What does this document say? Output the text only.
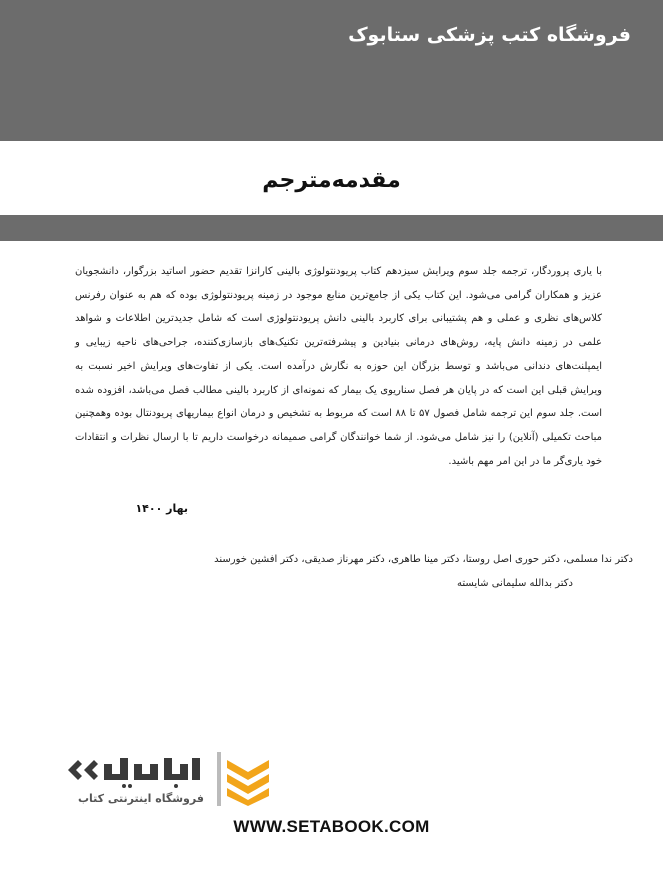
فروشگاه کتب پزشکی ستابوک
مقدمه‌مترجم
با یاری پروردگار، ترجمه جلد سوم ویرایش سیزدهم کتاب پریودنتولوژی بالینی کارانزا تقدیم حضور اساتید بزرگوار، دانشجویان عزیز و همکاران گرامی می‌شود. این کتاب یکی از جامع‌ترین منابع موجود در زمینه پریودنتولوژی بوده که هم به عنوان رفرنس کلاس‌های نظری و عملی و هم پشتیبانی برای کاربرد بالینی دانش پریودنتولوژی است که شامل جدیدترین اطلاعات و شواهد علمی در زمینه دانش پایه، روش‌های درمانی بنیادین و پیشرفته‌ترین تکنیک‌های بازسازی‌کننده، جراحی‌های ناحیه زیبایی و ایمپلنت‌های دندانی می‌باشد و توسط بزرگان این حوزه به نگارش درآمده است. یکی از تفاوت‌های ویرایش اخیر نسبت به ویرایش قبلی این است که در پایان هر فصل سناریوی یک بیمار که نمونه‌ای از کاربرد بالینی مطالب فصل می‌باشد، افزوده شده است. جلد سوم این ترجمه شامل فصول ۵۷ تا ۸۸ است که مربوط به تشخیص و درمان انواع بیماریهای پریودنتال بوده وهمچنین مباحث تکمیلی (آنلاین) را نیز شامل می‌شود. از شما خوانندگان گرامی صمیمانه درخواست داریم تا با ارسال نظرات و انتقادات خود یاری‌گر ما در این امر مهم باشید.
بهار ۱۴۰۰
دکتر ندا مسلمی، دکتر حوری اصل روستا، دکتر مینا طاهری، دکتر مهرناز صدیقی، دکتر افشین خورسند
دکتر بدالله سلیمانی شایسته
فروشگاه اینترنتی کتاب
WWW.SETABOOK.COM
